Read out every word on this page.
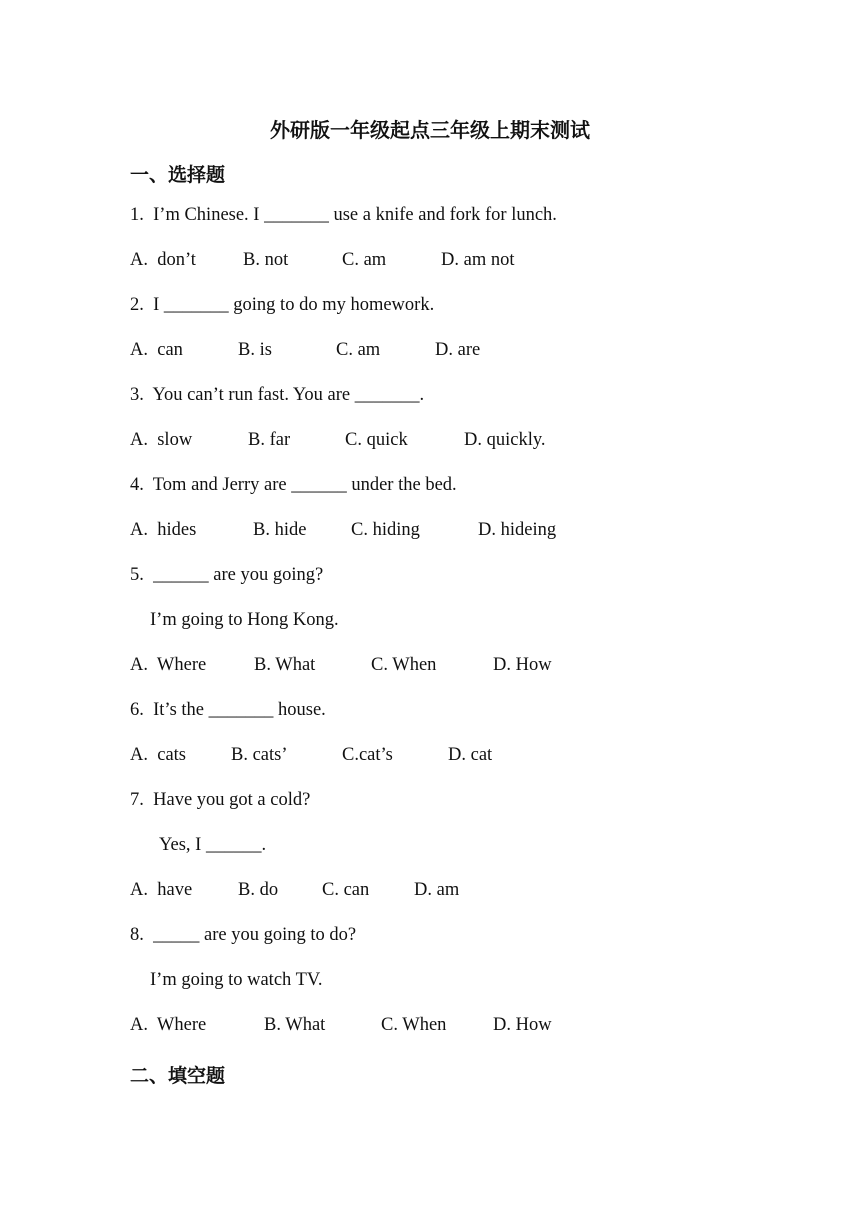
外研版一年级起点三年级上期末测试
一、选择题
1.  I’m Chinese. I _______ use a knife and fork for lunch.
A.  don’t	B. not	C. am	D. am not
2.  I _______ going to do my homework.
A.  can	B. is	C. am	D. are
3.  You can’t run fast. You are _______.
A.  slow	B. far	C. quick	D. quickly.
4.  Tom and Jerry are ______ under the bed.
A.  hides	B. hide C. hiding	D. hideing
5.  ______ are you going?
I’m going to Hong Kong.
A.  Where	B. What	C. When	D. How
6.  It’s the _______ house.
A.  cats B. cats’	C.cat’s	D. cat
7.  Have you got a cold?
Yes, I ______.
A.  have B. do C. can D. am
8.  _____ are you going to do?
I’m going to watch TV.
A.  Where	B. What	C. When	D. How
二、填空题
